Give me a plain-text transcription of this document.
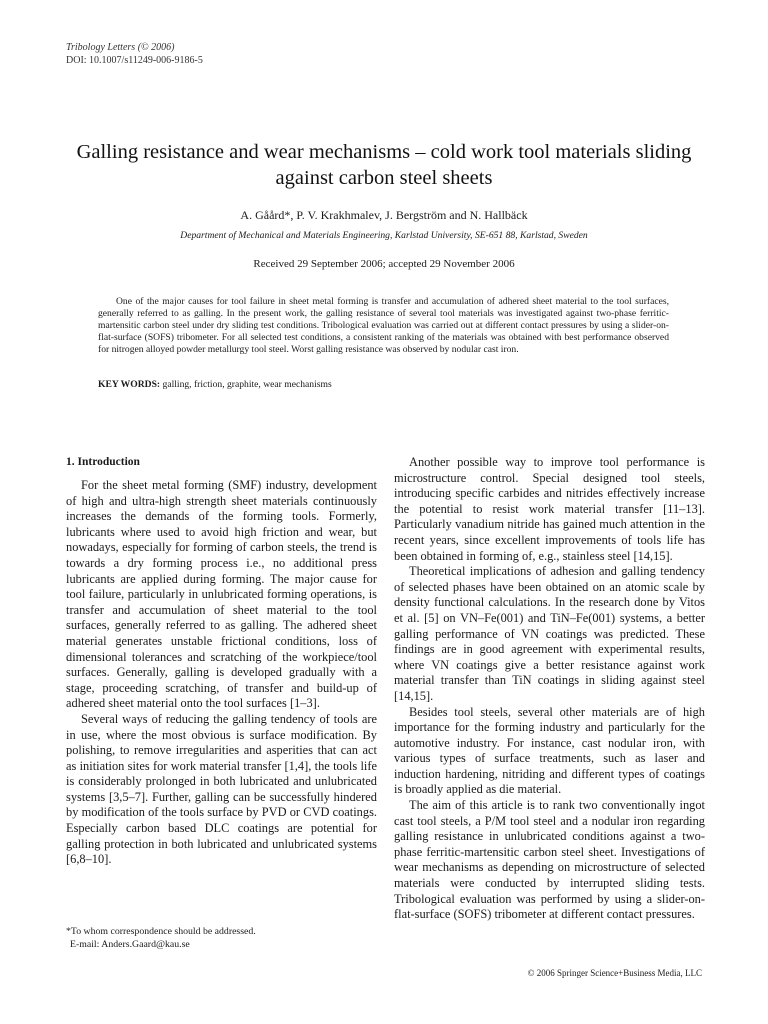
Tribology Letters (© 2006)
DOI: 10.1007/s11249-006-9186-5
Galling resistance and wear mechanisms – cold work tool materials sliding against carbon steel sheets
A. Gåård*, P. V. Krakhmalev, J. Bergström and N. Hallbäck
Department of Mechanical and Materials Engineering, Karlstad University, SE-651 88, Karlstad, Sweden
Received 29 September 2006; accepted 29 November 2006

One of the major causes for tool failure in sheet metal forming is transfer and accumulation of adhered sheet material to the tool surfaces, generally referred to as galling. In the present work, the galling resistance of several tool materials was investigated against two-phase ferritic-martensitic carbon steel under dry sliding test conditions. Tribological evaluation was carried out at different contact pressures by using a slider-on-flat-surface (SOFS) tribometer. For all selected test conditions, a consistent ranking of the materials was obtained with best performance observed for nitrogen alloyed powder metallurgy tool steel. Worst galling resistance was observed by nodular cast iron.

KEY WORDS: galling, friction, graphite, wear mechanisms
1. Introduction

For the sheet metal forming (SMF) industry, development of high and ultra-high strength sheet materials continuously increases the demands of the forming tools. Formerly, lubricants where used to avoid high friction and wear, but nowadays, especially for forming of carbon steels, the trend is towards a dry forming process i.e., no additional press lubricants are applied during forming. The major cause for tool failure, particularly in unlubricated forming operations, is transfer and accumulation of sheet material to the tool surfaces, generally referred to as galling. The adhered sheet material generates unstable frictional conditions, loss of dimensional tolerances and scratching of the workpiece/tool surfaces. Generally, galling is developed gradually with a stage, proceeding scratching, of transfer and build-up of adhered sheet material onto the tool surfaces [1–3].

Several ways of reducing the galling tendency of tools are in use, where the most obvious is surface modification. By polishing, to remove irregularities and asperities that can act as initiation sites for work material transfer [1,4], the tools life is considerably prolonged in both lubricated and unlubricated systems [3,5–7]. Further, galling can be successfully hindered by modification of the tools surface by PVD or CVD coatings. Especially carbon based DLC coatings are potential for galling protection in both lubricated and unlubricated systems [6,8–10].

Another possible way to improve tool performance is microstructure control. Special designed tool steels, introducing specific carbides and nitrides effectively increase the potential to resist work material transfer [11–13]. Particularly vanadium nitride has gained much attention in the recent years, since excellent improvements of tools life has been obtained in forming of, e.g., stainless steel [14,15].

Theoretical implications of adhesion and galling tendency of selected phases have been obtained on an atomic scale by density functional calculations. In the research done by Vitos et al. [5] on VN–Fe(001) and TiN–Fe(001) systems, a better galling performance of VN coatings was predicted. These findings are in good agreement with experimental results, where VN coatings give a better resistance against work material transfer than TiN coatings in sliding against steel [14,15].

Besides tool steels, several other materials are of high importance for the forming industry and particularly for the automotive industry. For instance, cast nodular iron, with various types of surface treatments, such as laser and induction hardening, nitriding and different types of coatings is broadly applied as die material.

The aim of this article is to rank two conventionally ingot cast tool steels, a P/M tool steel and a nodular iron regarding galling resistance in unlubricated conditions against a two-phase ferritic-martensitic carbon steel sheet. Investigations of wear mechanisms as depending on microstructure of selected materials were conducted by interrupted sliding tests. Tribological evaluation was performed by using a slider-on-flat-surface (SOFS) tribometer at different contact pressures.

*To whom correspondence should be addressed.
E-mail: Anders.Gaard@kau.se
© 2006 Springer Science+Business Media, LLC
